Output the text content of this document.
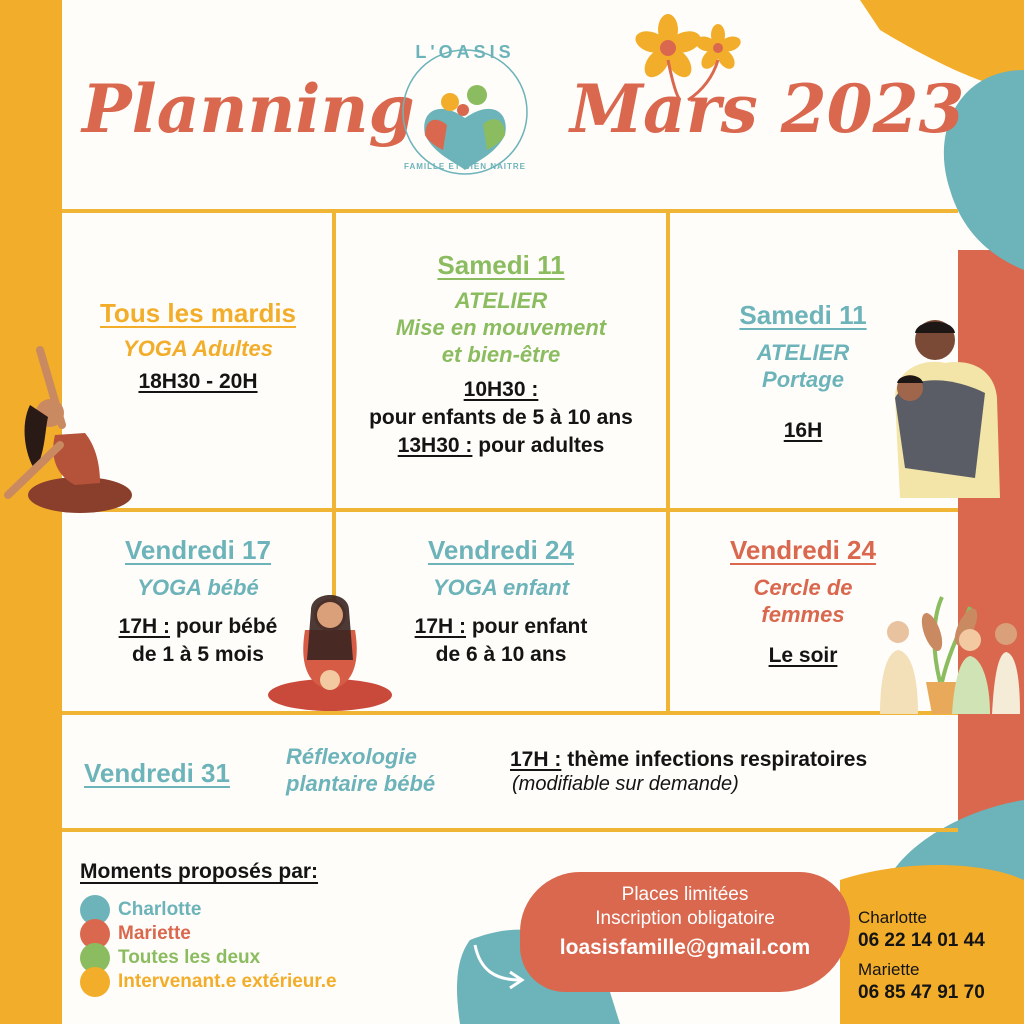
Planning Mars 2023
L'OASIS
FAMILLE ET BIEN NAITRE
Tous les mardis
YOGA Adultes
18H30 - 20H
Samedi 11
ATELIER
Mise en mouvement
et bien-être
10H30 :
pour enfants de 5 à 10 ans
13H30 : pour adultes
Samedi 11
ATELIER
Portage
16H
Vendredi 17
YOGA bébé
17H : pour bébé
de 1 à 5 mois
Vendredi 24
YOGA enfant
17H : pour enfant
de 6 à 10 ans
Vendredi 24
Cercle de
femmes
Le soir
Vendredi 31
Réflexologie
plantaire bébé
17H : thème infections respiratoires
(modifiable sur demande)
Moments proposés par:
Charlotte
Mariette
Toutes les deux
Intervenant.e extérieur.e
Places limitées
Inscription obligatoire
loasisfamille@gmail.com
Charlotte
06 22 14 01 44
Mariette
06 85 47 91 70
